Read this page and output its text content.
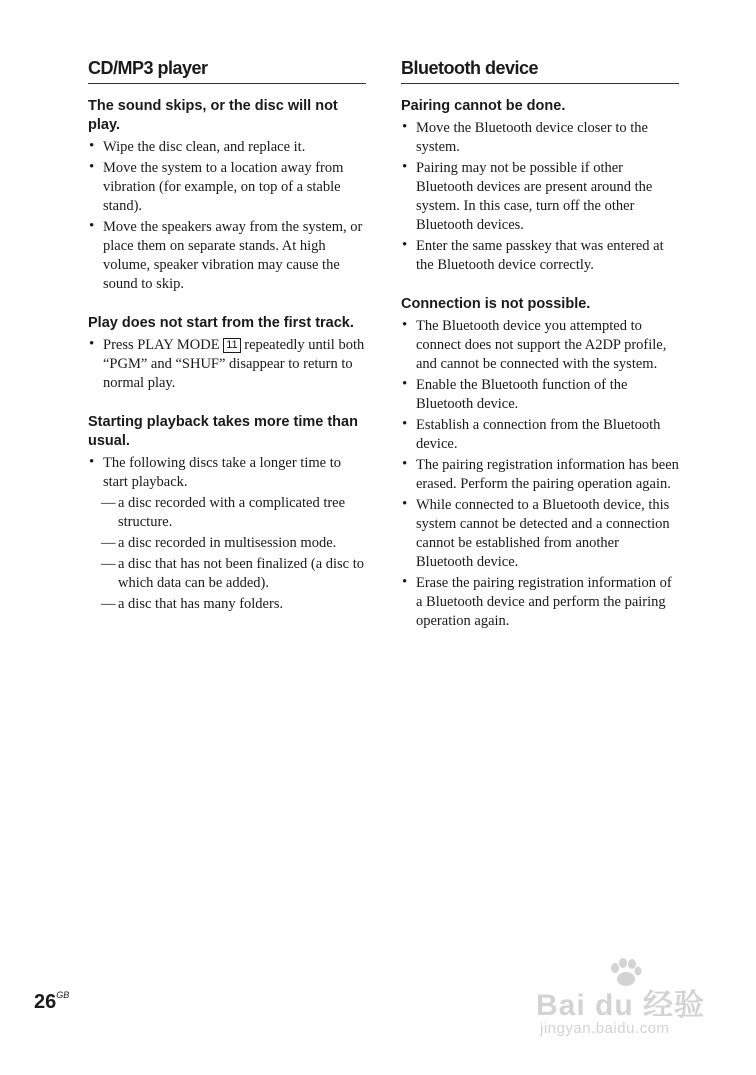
CD/MP3 player
The sound skips, or the disc will not play.
• Wipe the disc clean, and replace it.
• Move the system to a location away from vibration (for example, on top of a stable stand).
• Move the speakers away from the system, or place them on separate stands. At high volume, speaker vibration may cause the sound to skip.
Play does not start from the first track.
• Press PLAY MODE 11 repeatedly until both “PGM” and “SHUF” disappear to return to normal play.
Starting playback takes more time than usual.
• The following discs take a longer time to start playback.
— a disc recorded with a complicated tree structure.
— a disc recorded in multisession mode.
— a disc that has not been finalized (a disc to which data can be added).
— a disc that has many folders.
Bluetooth device
Pairing cannot be done.
• Move the Bluetooth device closer to the system.
• Pairing may not be possible if other Bluetooth devices are present around the system. In this case, turn off the other Bluetooth devices.
• Enter the same passkey that was entered at the Bluetooth device correctly.
Connection is not possible.
• The Bluetooth device you attempted to connect does not support the A2DP profile, and cannot be connected with the system.
• Enable the Bluetooth function of the Bluetooth device.
• Establish a connection from the Bluetooth device.
• The pairing registration information has been erased. Perform the pairing operation again.
• While connected to a Bluetooth device, this system cannot be detected and a connection cannot be established from another Bluetooth device.
• Erase the pairing registration information of a Bluetooth device and perform the pairing operation again.
$26^{GB}$	Bai du 经验
jingyan.baidu.com
